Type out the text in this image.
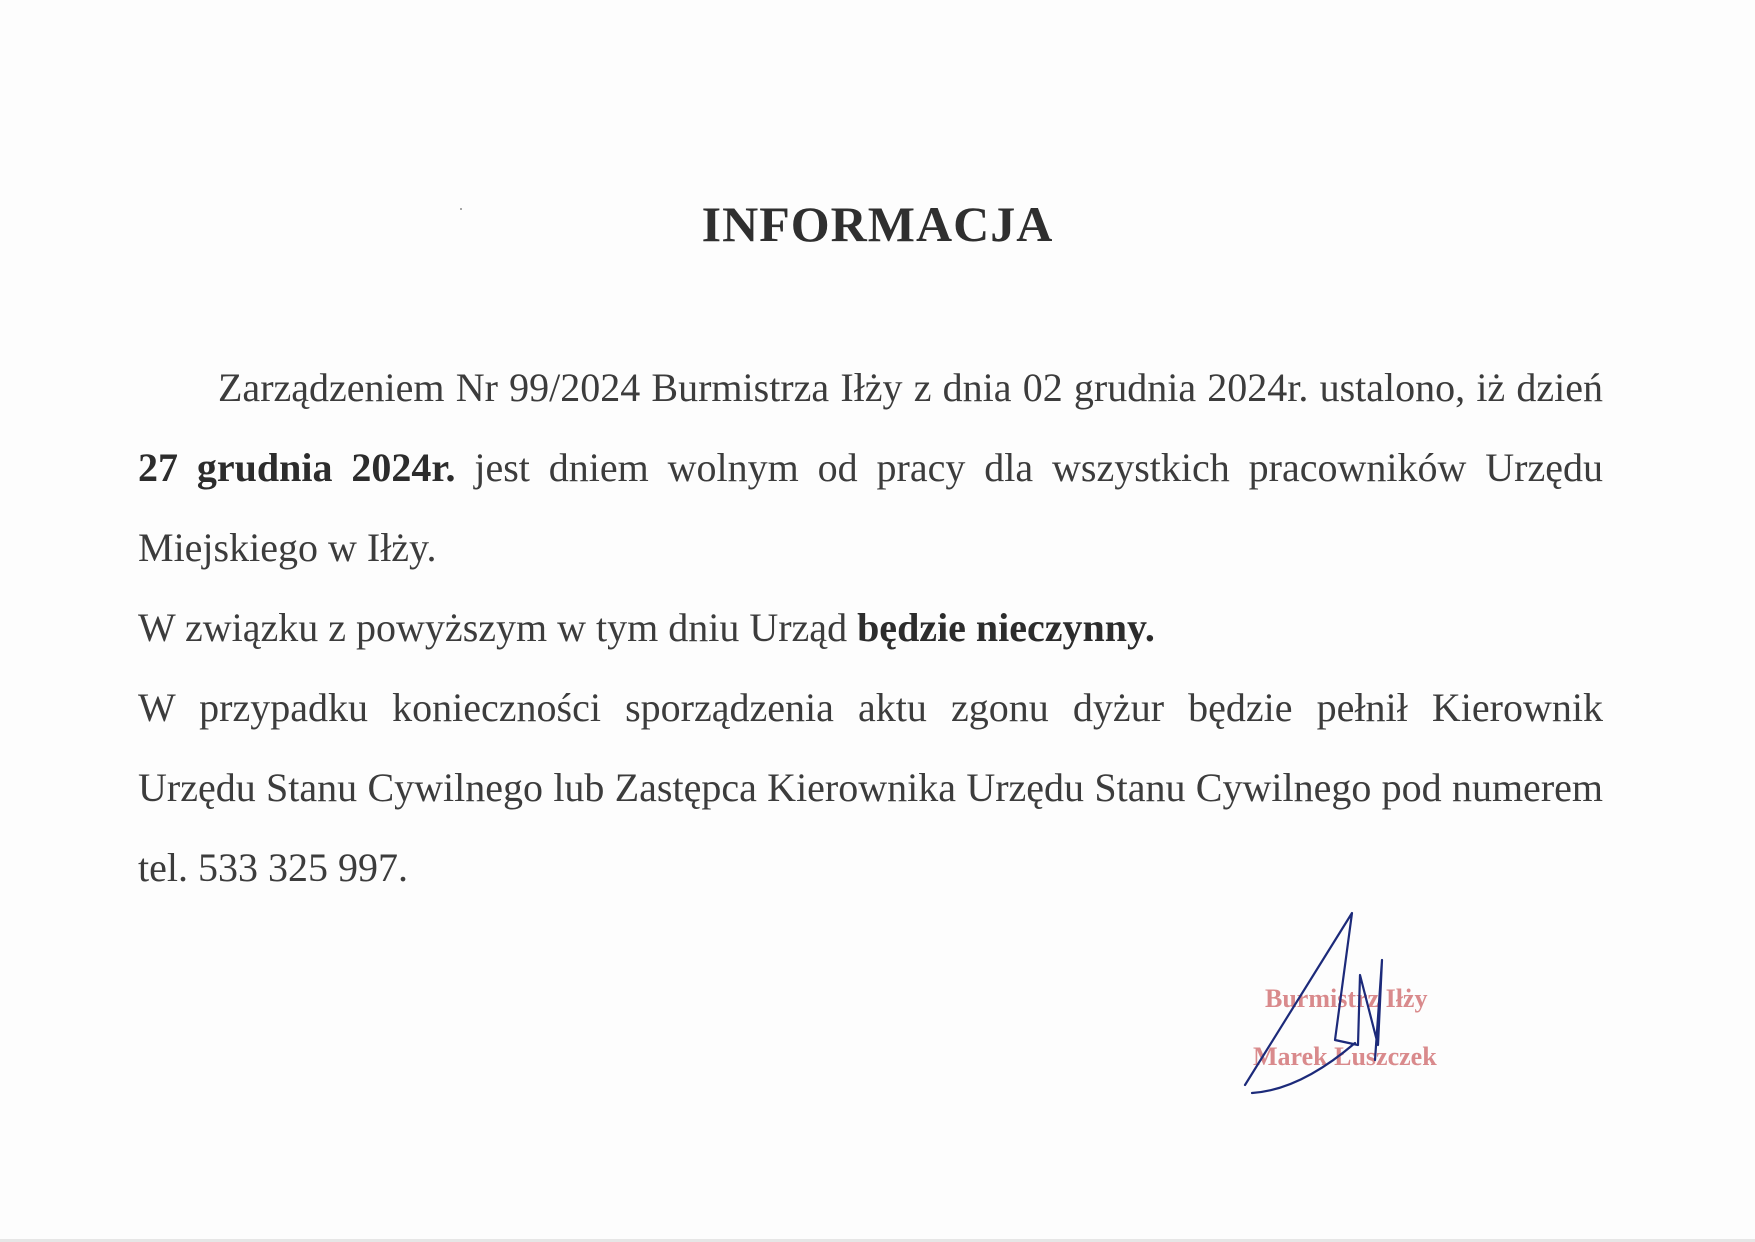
INFORMACJA

Zarządzeniem Nr 99/2024 Burmistrza Iłży z dnia 02 grudnia 2024r. ustalono, iż dzień 27 grudnia 2024r. jest dniem wolnym od pracy dla wszystkich pracowników Urzędu Miejskiego w Iłży.

W związku z powyższym w tym dniu Urząd będzie nieczynny.

W przypadku konieczności sporządzenia aktu zgonu dyżur będzie pełnił Kierownik Urzędu Stanu Cywilnego lub Zastępca Kierownika Urzędu Stanu Cywilnego pod numerem tel. 533 325 997.

Burmistrz Iłży
Marek Łuszczek
